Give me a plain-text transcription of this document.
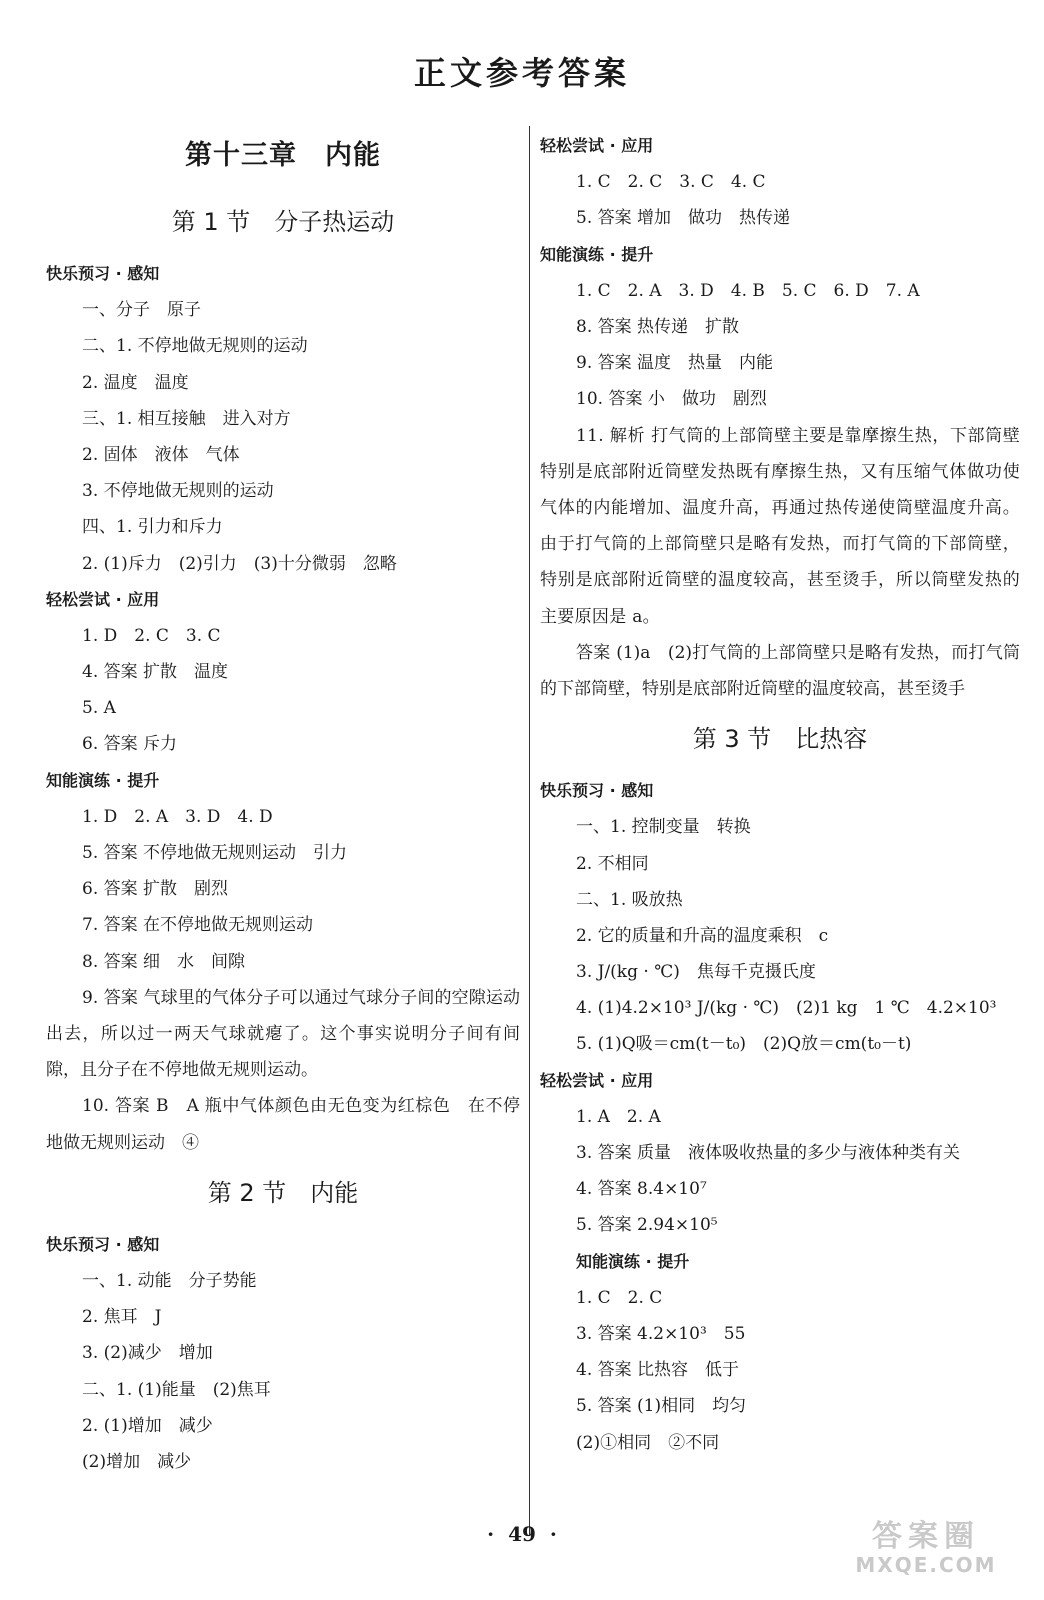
正文参考答案
第十三章　内能
第 1 节　分子热运动
快乐预习 · 感知
一、分子　原子
二、1. 不停地做无规则的运动
2. 温度　温度
三、1. 相互接触　进入对方
2. 固体　液体　气体
3. 不停地做无规则的运动
四、1. 引力和斥力
2. (1)斥力　(2)引力　(3)十分微弱　忽略
轻松尝试 · 应用
1. D　2. C　3. C
4. 答案 扩散　温度
5. A
6. 答案 斥力
知能演练 · 提升
1. D　2. A　3. D　4. D
5. 答案 不停地做无规则运动　引力
6. 答案 扩散　剧烈
7. 答案 在不停地做无规则运动
8. 答案 细　水　间隙
9. 答案 气球里的气体分子可以通过气球分子间的空隙运动出去，所以过一两天气球就瘪了。这个事实说明分子间有间隙，且分子在不停地做无规则运动。
10. 答案 B　A 瓶中气体颜色由无色变为红棕色　在不停地做无规则运动　④
第 2 节　内能
快乐预习 · 感知
一、1. 动能　分子势能
2. 焦耳　J
3. (2)减少　增加
二、1. (1)能量　(2)焦耳
2. (1)增加　减少
(2)增加　减少
轻松尝试 · 应用
1. C　2. C　3. C　4. C
5. 答案 增加　做功　热传递
知能演练 · 提升
1. C　2. A　3. D　4. B　5. C　6. D　7. A
8. 答案 热传递　扩散
9. 答案 温度　热量　内能
10. 答案 小　做功　剧烈
11. 解析 打气筒的上部筒壁主要是靠摩擦生热，下部筒壁特别是底部附近筒壁发热既有摩擦生热，又有压缩气体做功使气体的内能增加、温度升高，再通过热传递使筒壁温度升高。由于打气筒的上部筒壁只是略有发热，而打气筒的下部筒壁，特别是底部附近筒壁的温度较高，甚至烫手，所以筒壁发热的主要原因是 a。
答案 (1)a　(2)打气筒的上部筒壁只是略有发热，而打气筒的下部筒壁，特别是底部附近筒壁的温度较高，甚至烫手
第 3 节　比热容
快乐预习 · 感知
一、1. 控制变量　转换
2. 不相同
二、1. 吸放热
2. 它的质量和升高的温度乘积　c
3. J/(kg · ℃)　焦每千克摄氏度
4. (1)4.2×10³ J/(kg · ℃)　(2)1 kg　1 ℃　4.2×10³
5. (1)Q吸＝cm(t－t₀)　(2)Q放＝cm(t₀－t)
轻松尝试 · 应用
1. A　2. A
3. 答案 质量　液体吸收热量的多少与液体种类有关
4. 答案 8.4×10⁷
5. 答案 2.94×10⁵
知能演练 · 提升
1. C　2. C
3. 答案 4.2×10³　55
4. 答案 比热容　低于
5. 答案 (1)相同　均匀
(2)①相同　②不同
· 49 ·	答案圈
MXQE.COM
